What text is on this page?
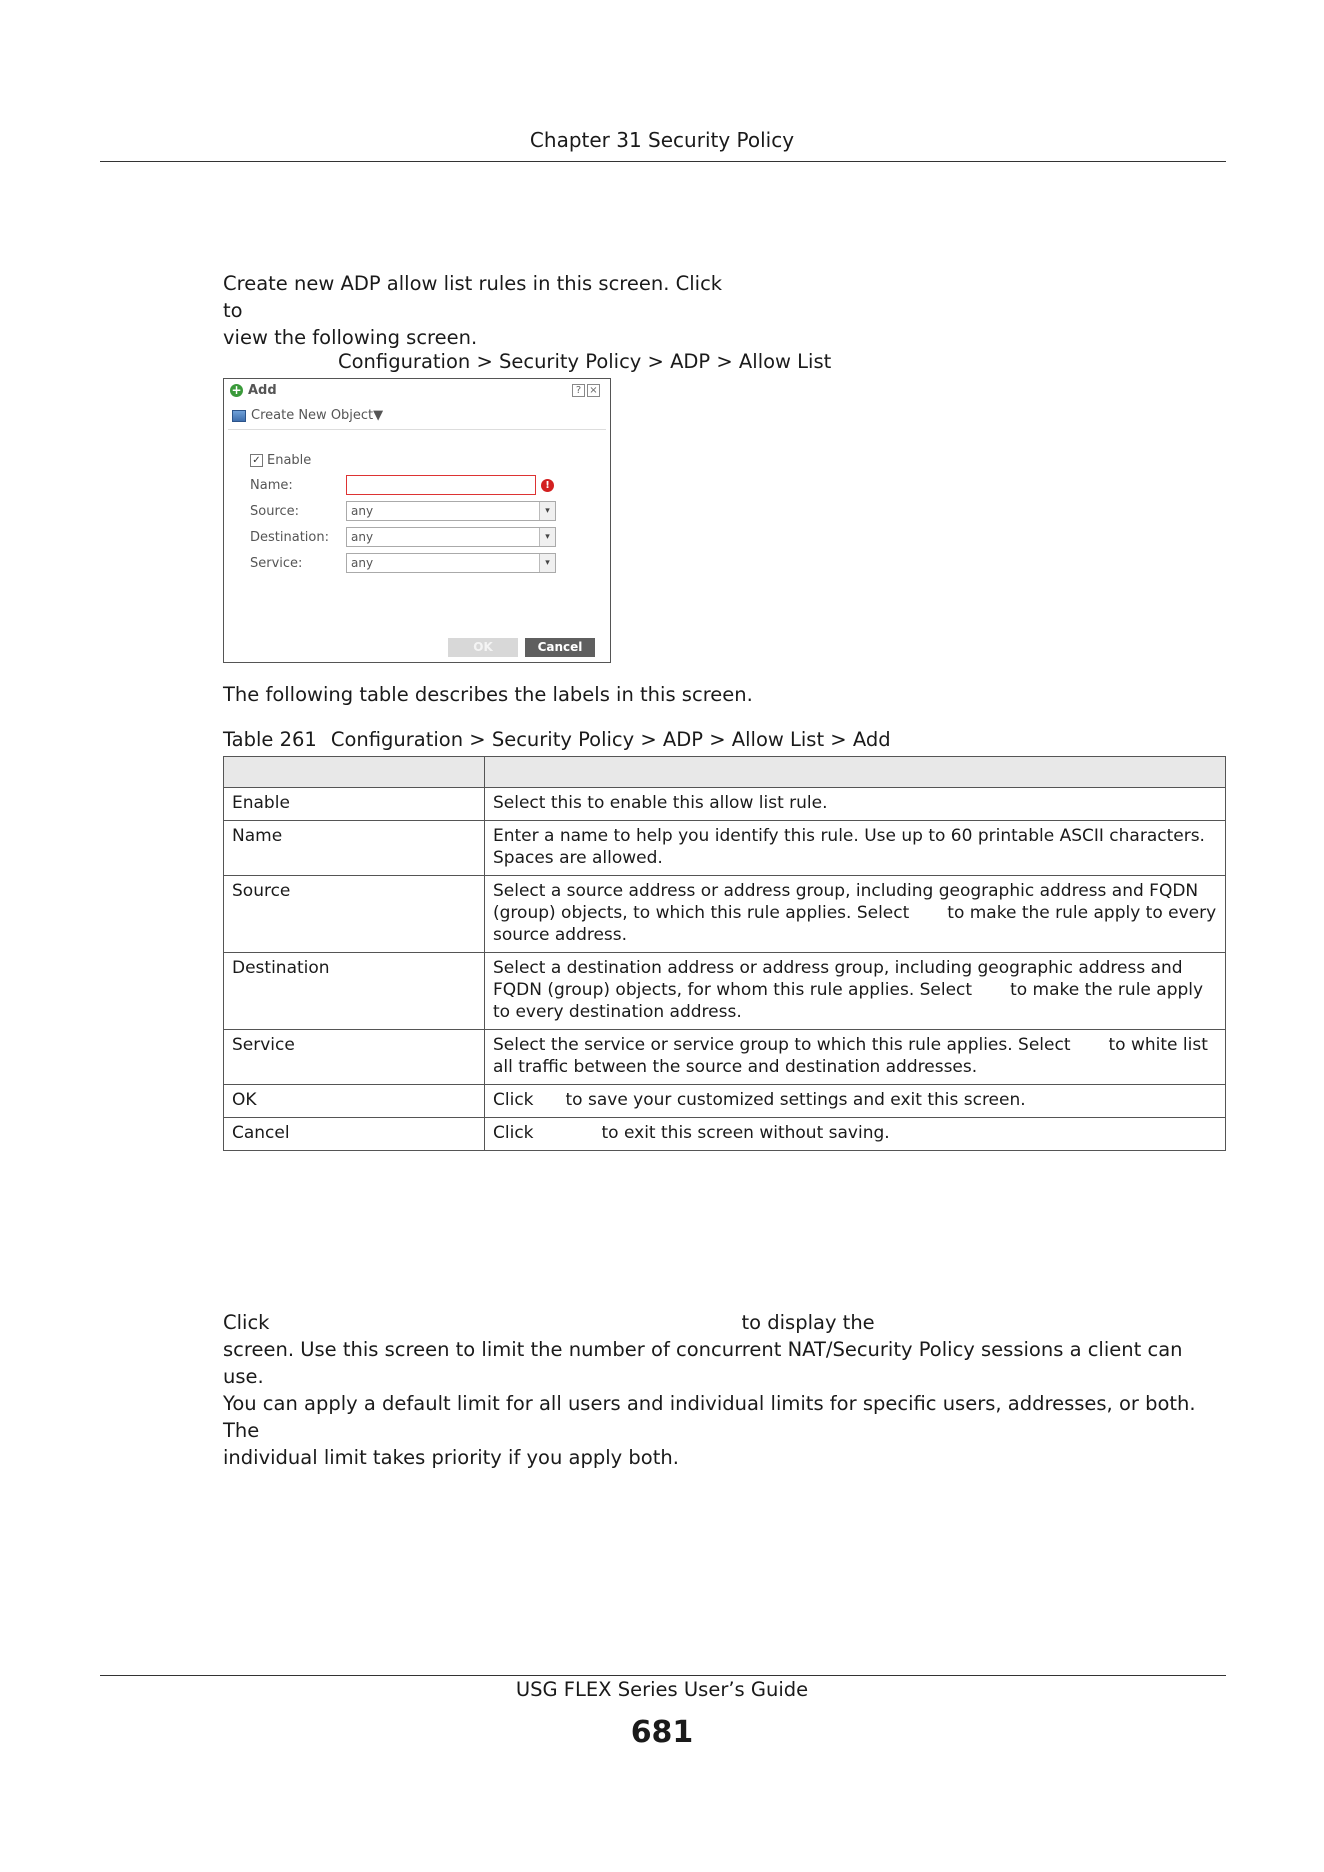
Chapter 31 Security Policy
Create new ADP allow list rules in this screen. Clickto
view the following screen.
Configuration > Security Policy > ADP > Allow List
+ Add	? ×
Create New Object▼
✓ Enable
Name:	!
Source:	any	▾
Destination:	any	▾
Service:	any	▾
OK	Cancel
The following table describes the labels in this screen.
Table 261 Configuration > Security Policy > ADP > Allow List > Add

Enable	Select this to enable this allow list rule.
Name	Enter a name to help you identify this rule. Use up to 60 printable ASCII characters. Spaces are allowed.
Source	Select a source address or address group, including geographic address and FQDN (group) objects, to which this rule applies. Select to make the rule apply to every source address.
Destination	Select a destination address or address group, including geographic address and FQDN (group) objects, for whom this rule applies. Select to make the rule apply to every destination address.
Service	Select the service or service group to which this rule applies. Select to white list all traffic between the source and destination addresses.
OK	Click to save your customized settings and exit this screen.
Cancel	Click to exit this screen without saving.
Click	to display the
screen. Use this screen to limit the number of concurrent NAT/Security Policy sessions a client can use.
You can apply a default limit for all users and individual limits for specific users, addresses, or both. The
individual limit takes priority if you apply both.
USG FLEX Series User’s Guide
681
